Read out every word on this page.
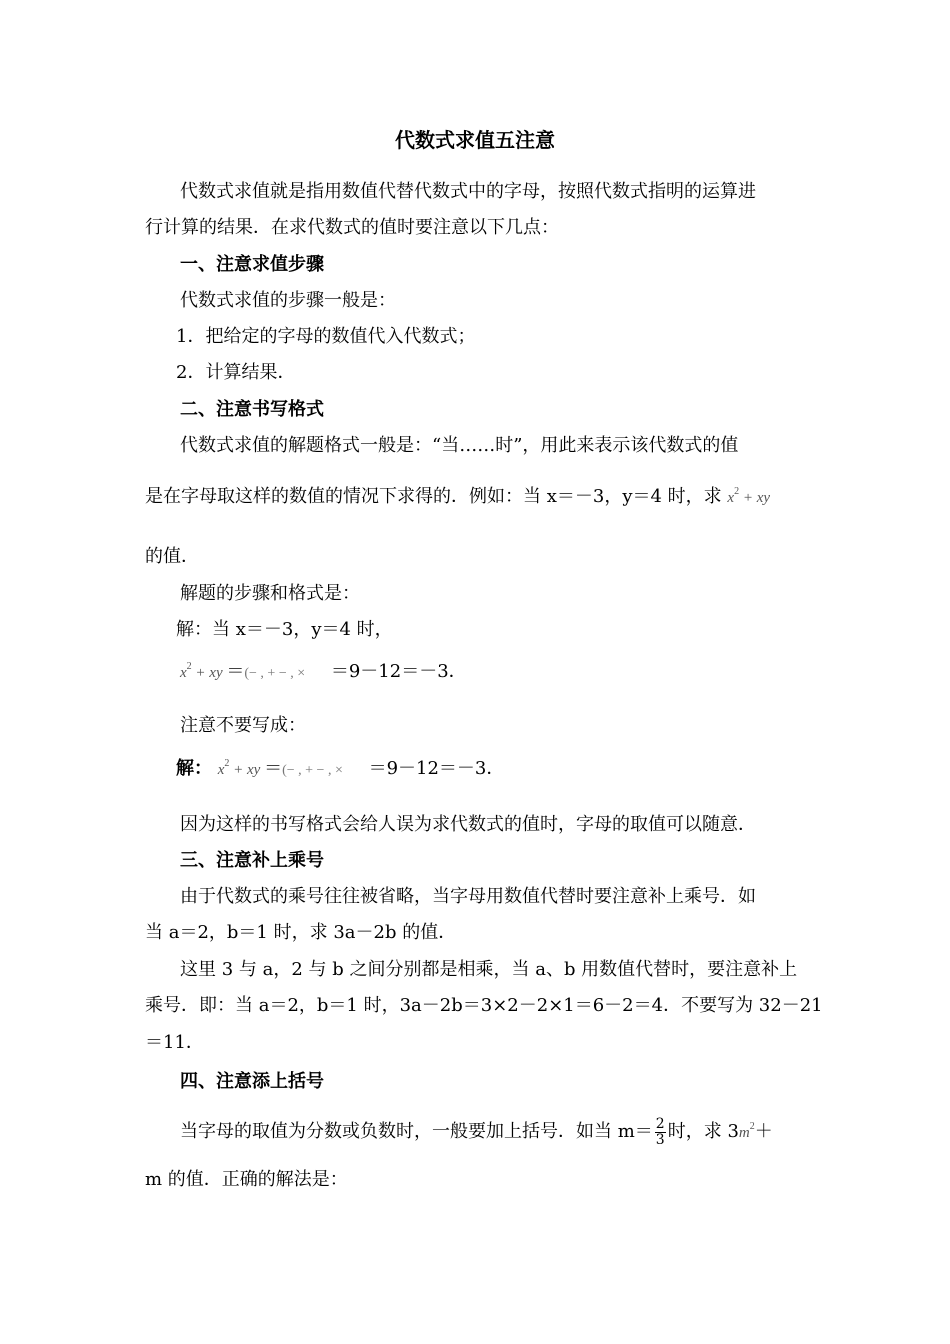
代数式求值五注意
代数式求值就是指用数值代替代数式中的字母，按照代数式指明的运算进
行计算的结果．在求代数式的值时要注意以下几点：
一、注意求值步骤
代数式求值的步骤一般是：
1．把给定的字母的数值代入代数式；
2．计算结果．
二、注意书写格式
代数式求值的解题格式一般是：“当……时”，用此来表示该代数式的值
是在字母取这样的数值的情况下求得的．例如：当 x＝－3，y＝4 时，求 $x^2$ + xy
的值．
解题的步骤和格式是：
解：当 x＝－3，y＝4 时，
$x^2$ + xy ＝(− , + − , × ＝9－12＝－3．
注意不要写成：
解： $x^2$ + xy ＝(− , + − , × ＝9－12＝－3．
因为这样的书写格式会给人误为求代数式的值时，字母的取值可以随意．
三、注意补上乘号
由于代数式的乘号往往被省略，当字母用数值代替时要注意补上乘号．如
当 a＝2，b＝1 时，求 3a－2b 的值．
这里 3 与 a，2 与 b 之间分别都是相乘，当 a、b 用数值代替时，要注意补上
乘号．即：当 a＝2，b＝1 时，3a－2b＝3×2－2×1＝6－2＝4．不要写为 32－21
＝11．
四、注意添上括号
当字母的取值为分数或负数时，一般要加上括号．如当 $m= \frac{2}{3}$ 时，求 $3m^2+$
m 的值．正确的解法是：
